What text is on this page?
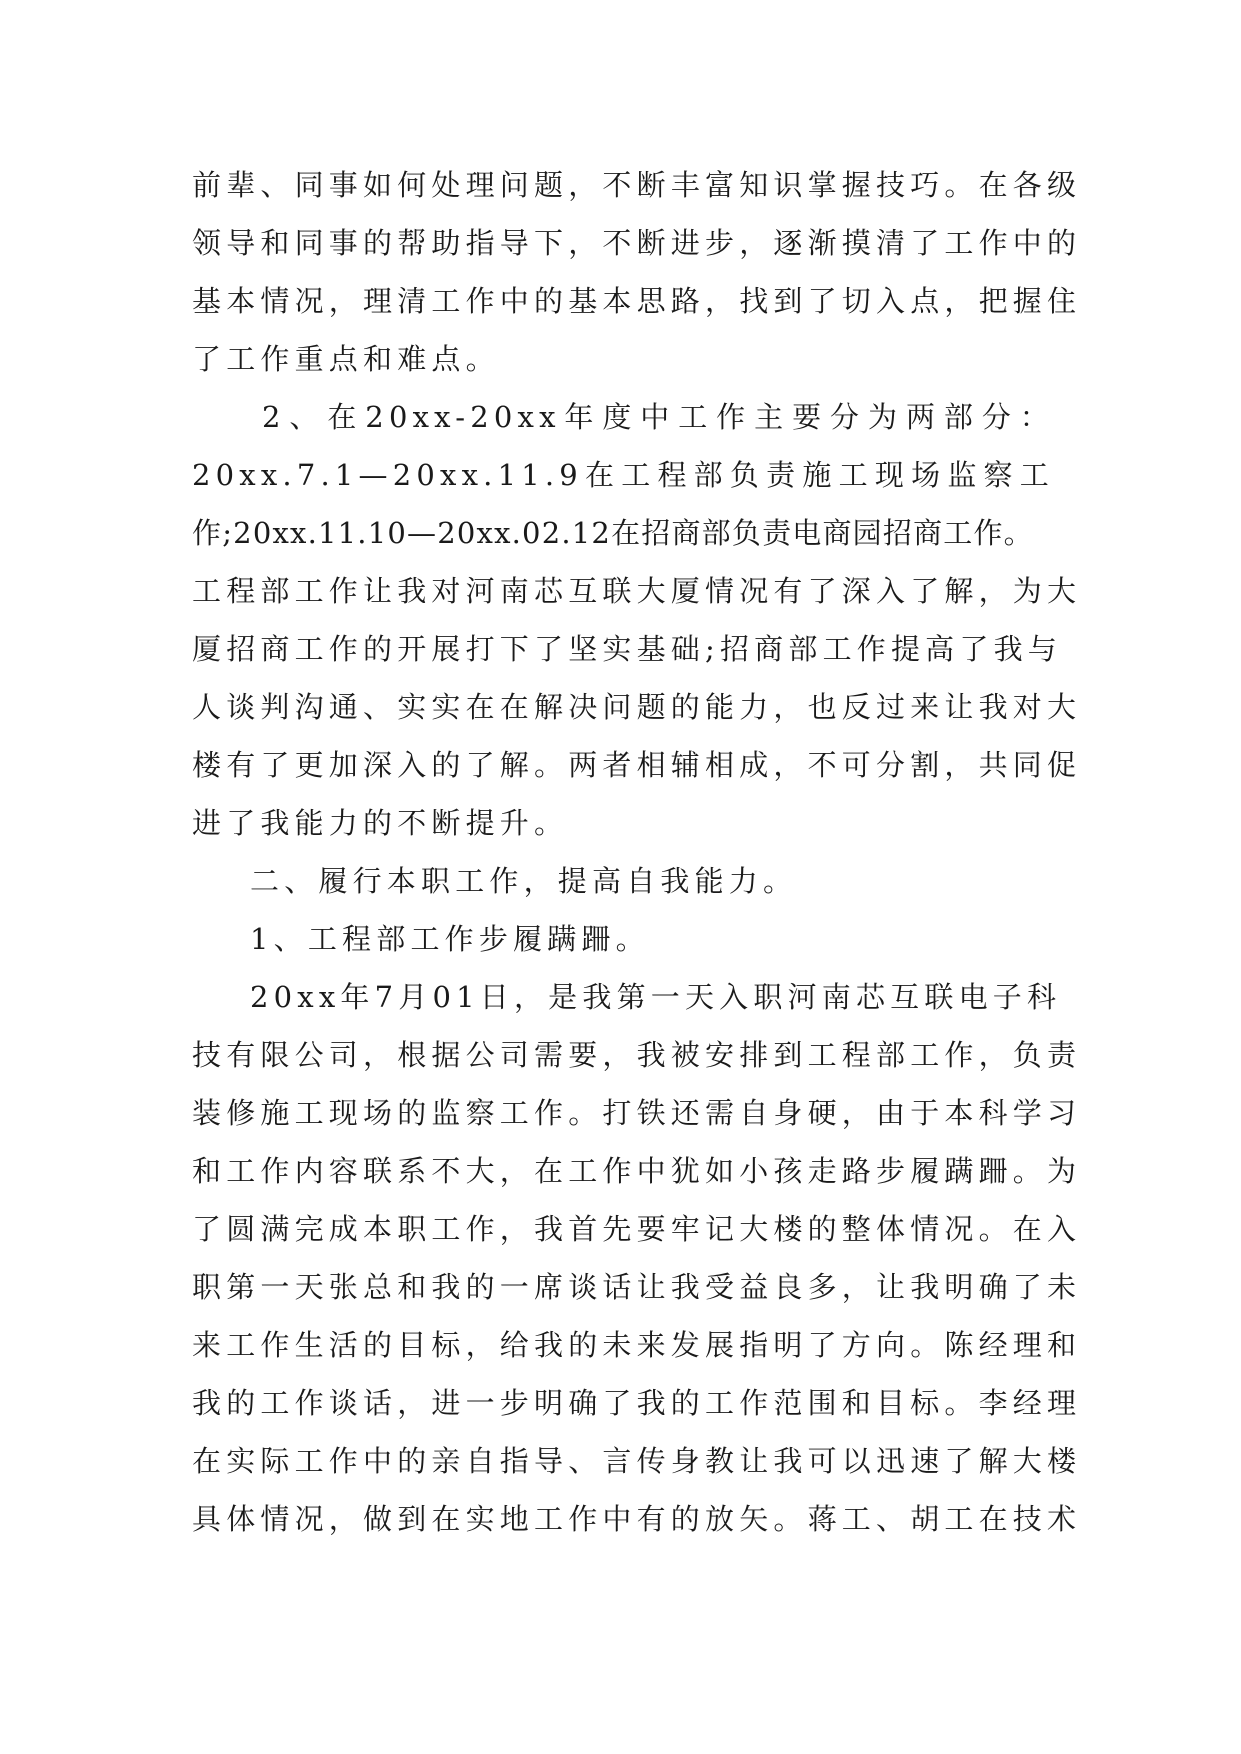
前辈、同事如何处理问题，不断丰富知识掌握技巧。在各级
领导和同事的帮助指导下，不断进步，逐渐摸清了工作中的
基本情况，理清工作中的基本思路，找到了切入点，把握住
了工作重点和难点。
2、在20xx-20xx年度中工作主要分为两部分：
20xx.7.1—20xx.11.9在工程部负责施工现场监察工
作;20xx.11.10—20xx.02.12在招商部负责电商园招商工作。
工程部工作让我对河南芯互联大厦情况有了深入了解，为大
厦招商工作的开展打下了坚实基础;招商部工作提高了我与
人谈判沟通、实实在在解决问题的能力，也反过来让我对大
楼有了更加深入的了解。两者相辅相成，不可分割，共同促
进了我能力的不断提升。
二、履行本职工作，提高自我能力。
1、工程部工作步履蹒跚。
20xx年7月01日，是我第一天入职河南芯互联电子科
技有限公司，根据公司需要，我被安排到工程部工作，负责
装修施工现场的监察工作。打铁还需自身硬，由于本科学习
和工作内容联系不大，在工作中犹如小孩走路步履蹒跚。为
了圆满完成本职工作，我首先要牢记大楼的整体情况。在入
职第一天张总和我的一席谈话让我受益良多，让我明确了未
来工作生活的目标，给我的未来发展指明了方向。陈经理和
我的工作谈话，进一步明确了我的工作范围和目标。李经理
在实际工作中的亲自指导、言传身教让我可以迅速了解大楼
具体情况，做到在实地工作中有的放矢。蒋工、胡工在技术
